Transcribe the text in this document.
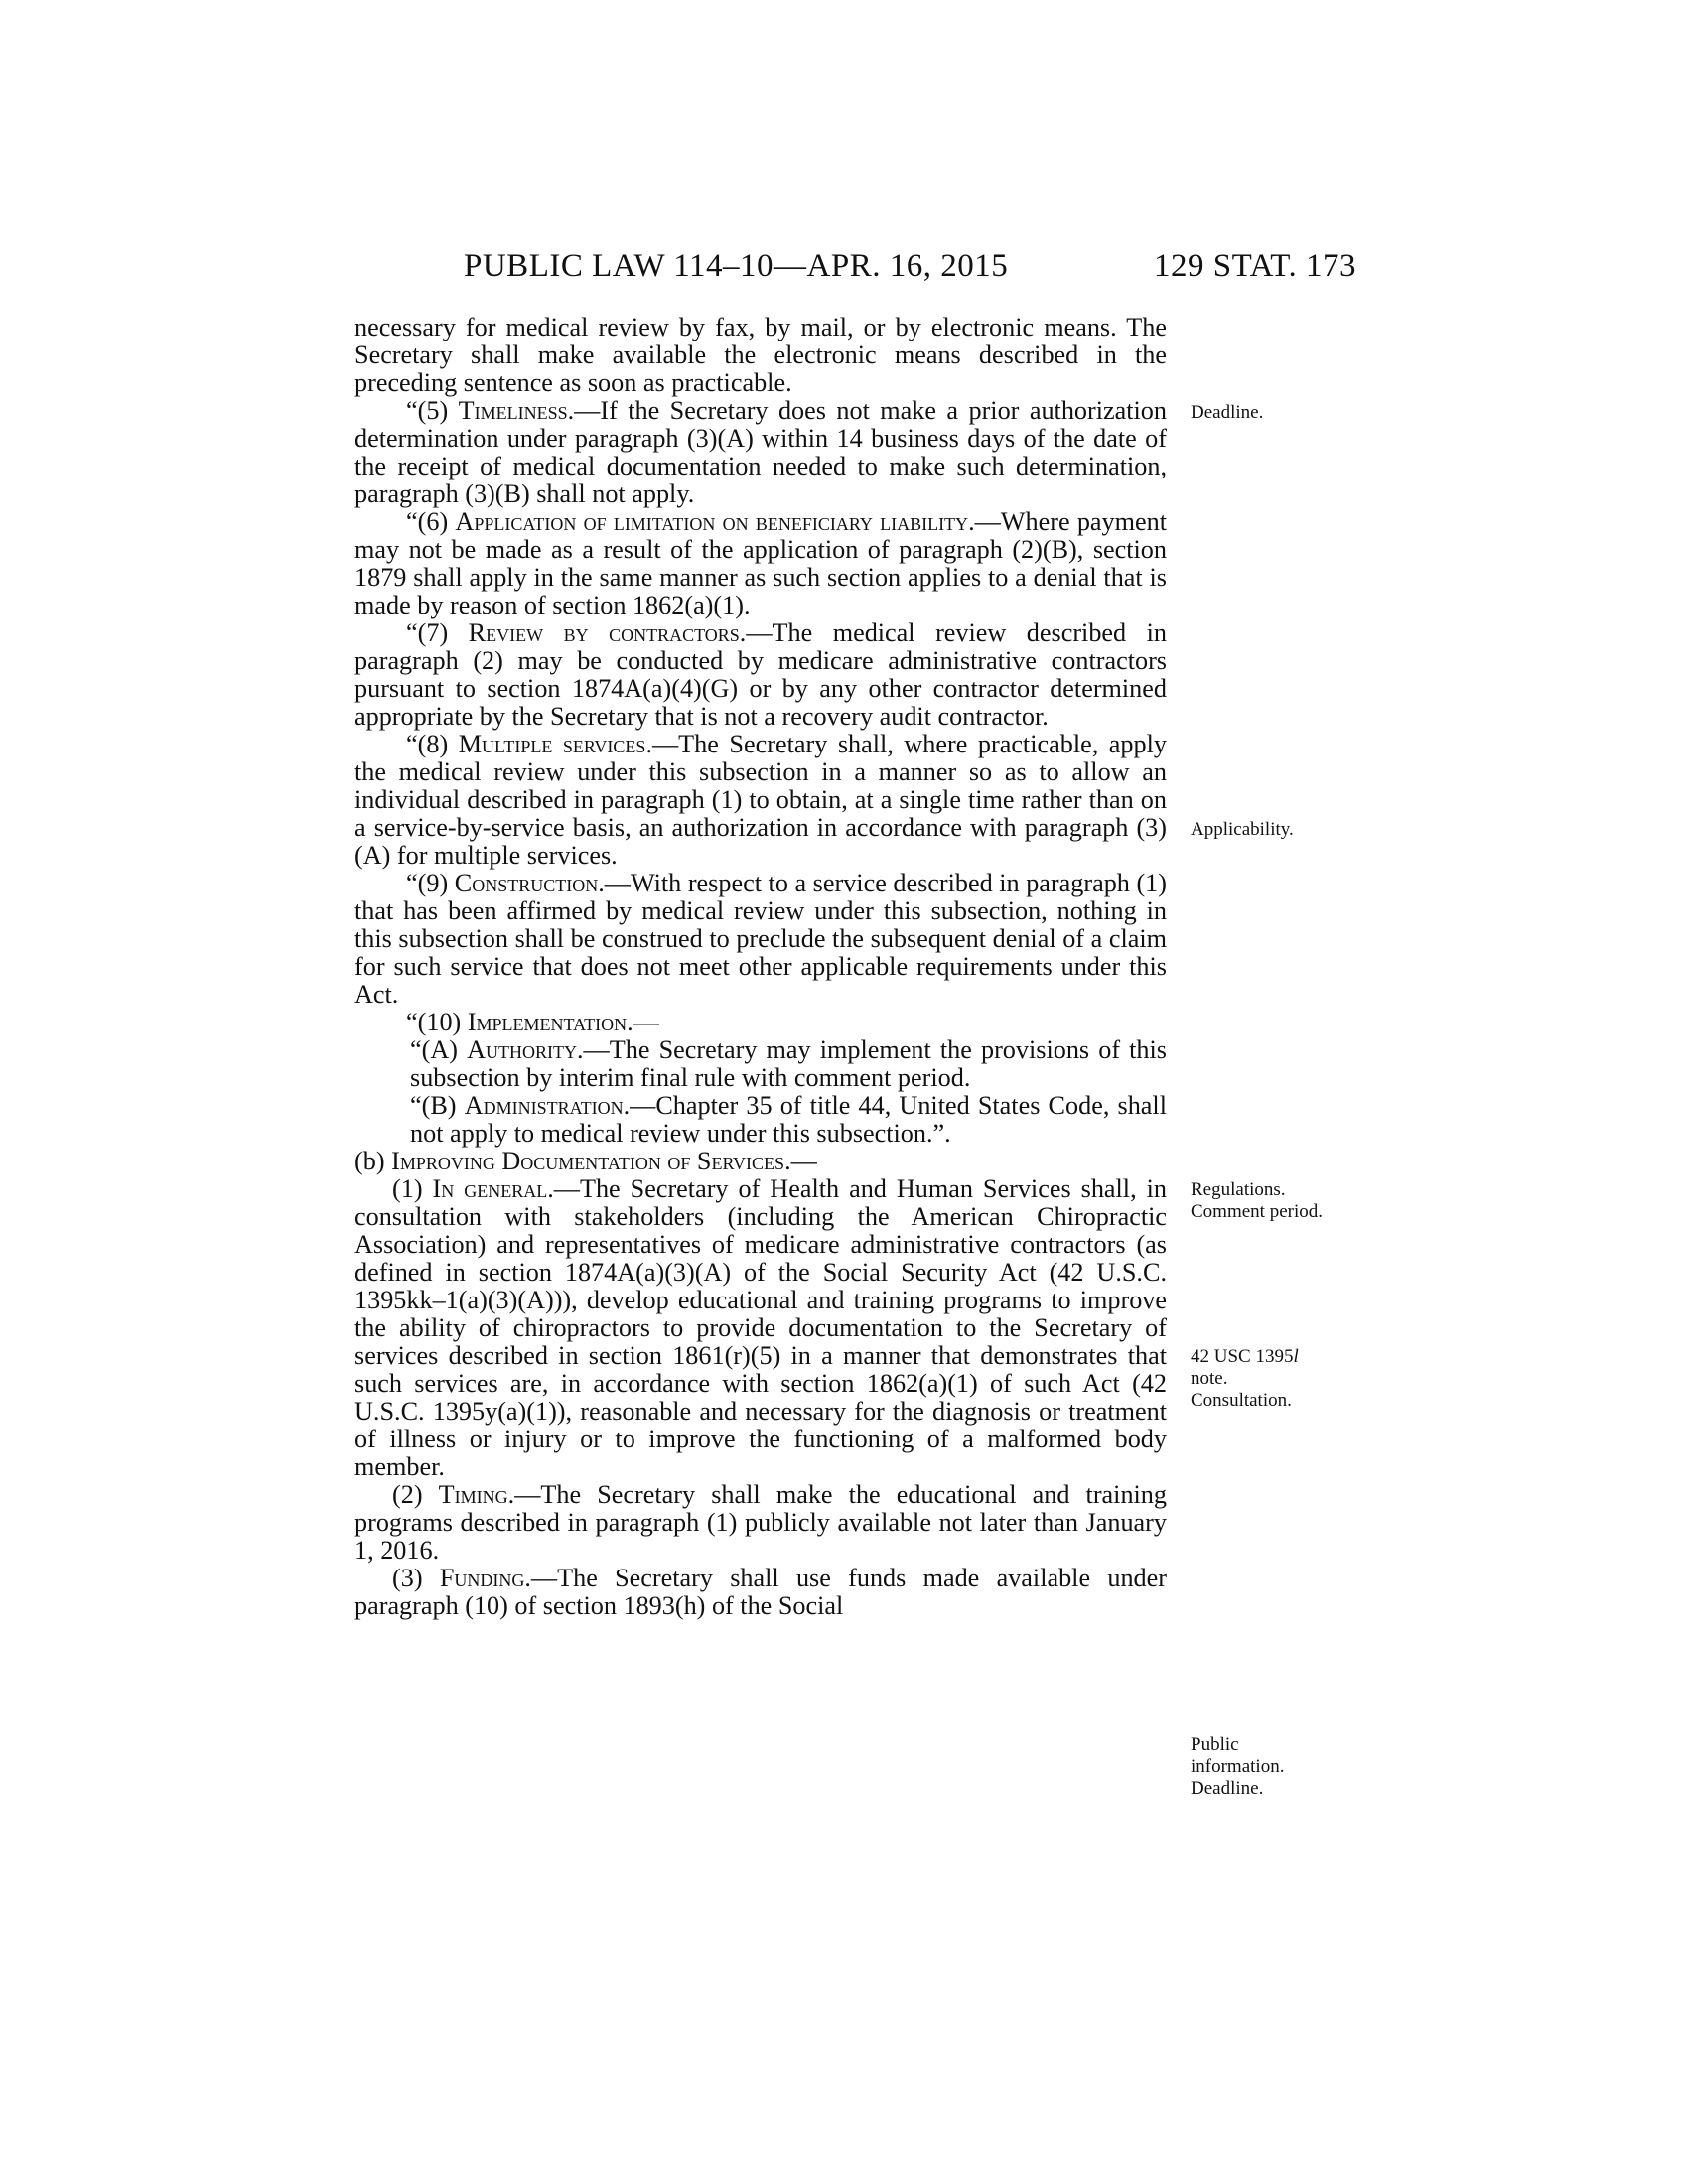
PUBLIC LAW 114–10—APR. 16, 2015	129 STAT. 173

necessary for medical review by fax, by mail, or by electronic means. The Secretary shall make available the electronic means described in the preceding sentence as soon as practicable.

“(5) Timeliness.—If the Secretary does not make a prior authorization determination under paragraph (3)(A) within 14 business days of the date of the receipt of medical documentation needed to make such determination, paragraph (3)(B) shall not apply.

“(6) Application of limitation on beneficiary liability.—Where payment may not be made as a result of the application of paragraph (2)(B), section 1879 shall apply in the same manner as such section applies to a denial that is made by reason of section 1862(a)(1).

“(7) Review by contractors.—The medical review described in paragraph (2) may be conducted by medicare administrative contractors pursuant to section 1874A(a)(4)(G) or by any other contractor determined appropriate by the Secretary that is not a recovery audit contractor.

“(8) Multiple services.—The Secretary shall, where practicable, apply the medical review under this subsection in a manner so as to allow an individual described in paragraph (1) to obtain, at a single time rather than on a service-by-service basis, an authorization in accordance with paragraph (3)(A) for multiple services.

“(9) Construction.—With respect to a service described in paragraph (1) that has been affirmed by medical review under this subsection, nothing in this subsection shall be construed to preclude the subsequent denial of a claim for such service that does not meet other applicable requirements under this Act.

“(10) Implementation.—

“(A) Authority.—The Secretary may implement the provisions of this subsection by interim final rule with comment period.

“(B) Administration.—Chapter 35 of title 44, United States Code, shall not apply to medical review under this subsection.”.

(b) Improving Documentation of Services.—

(1) In general.—The Secretary of Health and Human Services shall, in consultation with stakeholders (including the American Chiropractic Association) and representatives of medicare administrative contractors (as defined in section 1874A(a)(3)(A) of the Social Security Act (42 U.S.C. 1395kk–1(a)(3)(A))), develop educational and training programs to improve the ability of chiropractors to provide documentation to the Secretary of services described in section 1861(r)(5) in a manner that demonstrates that such services are, in accordance with section 1862(a)(1) of such Act (42 U.S.C. 1395y(a)(1)), reasonable and necessary for the diagnosis or treatment of illness or injury or to improve the functioning of a malformed body member.

(2) Timing.—The Secretary shall make the educational and training programs described in paragraph (1) publicly available not later than January 1, 2016.

(3) Funding.—The Secretary shall use funds made available under paragraph (10) of section 1893(h) of the Social

Deadline.
Applicability.
Regulations.
Comment period.
42 USC 1395l
note.
Consultation.
Public
information.
Deadline.
